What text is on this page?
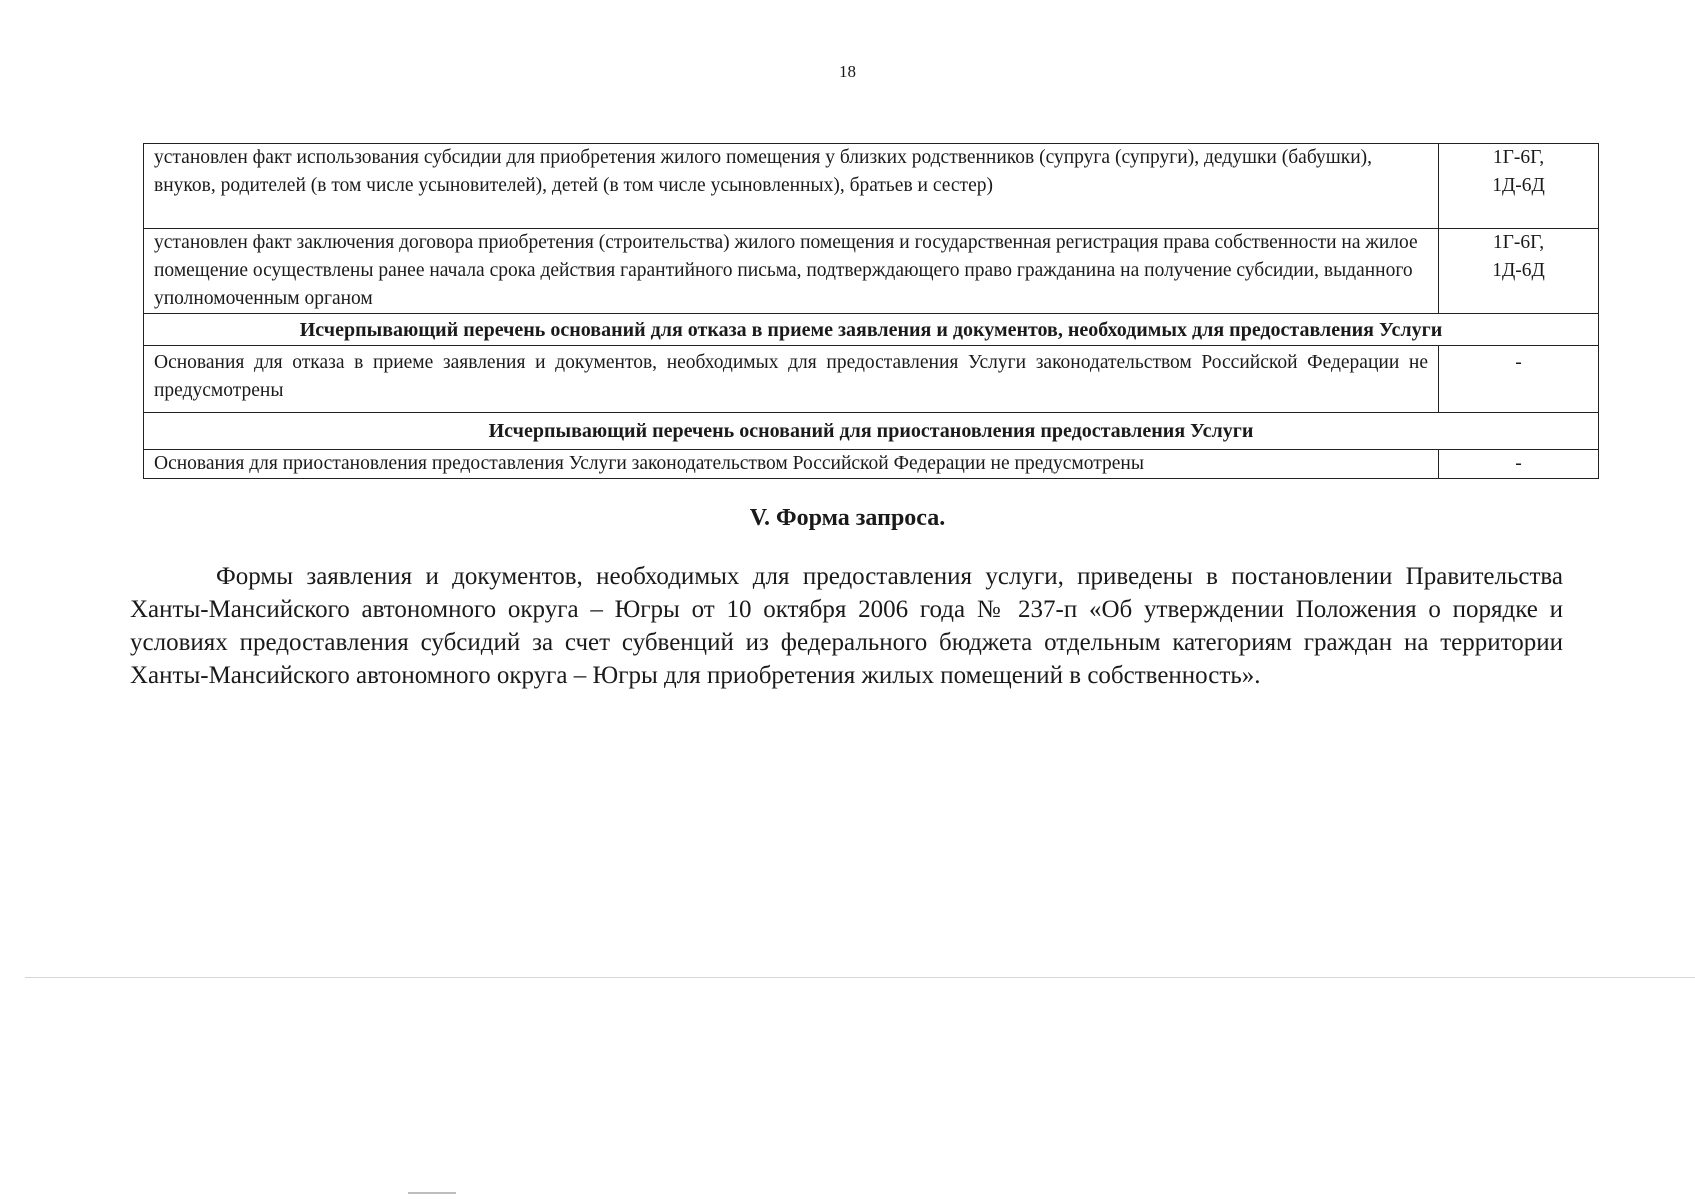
18
установлен факт использования субсидии для приобретения жилого помещения у близких родственников (супруга (супруги), дедушки (бабушки), внуков, родителей (в том числе усыновителей), детей (в том числе усыновленных), братьев и сестер)	1Г-6Г,
1Д-6Д

установлен факт заключения договора приобретения (строительства) жилого помещения и государственная регистрация права собственности на жилое помещение осуществлены ранее начала срока действия гарантийного письма, подтверждающего право гражданина на получение субсидии, выданного уполномоченным органом	1Г-6Г,
1Д-6Д

Исчерпывающий перечень оснований для отказа в приеме заявления и документов, необходимых для предоставления Услуги	
Основания для отказа в приеме заявления и документов, необходимых для предоставления Услуги законодательством Российской Федерации не предусмотрены	-
Исчерпывающий перечень оснований для приостановления предоставления Услуги	
Основания для приостановления предоставления Услуги законодательством Российской Федерации не предусмотрены	-
V. Форма запроса.

Формы заявления и документов, необходимых для предоставления услуги, приведены в постановлении Правительства Ханты-Мансийского автономного округа – Югры от 10 октября 2006 года № 237-п «Об утверждении Положения о порядке и условиях предоставления субсидий за счет субвенций из федерального бюджета отдельным категориям граждан на территории Ханты-Мансийского автономного округа – Югры для приобретения жилых помещений в собственность».
